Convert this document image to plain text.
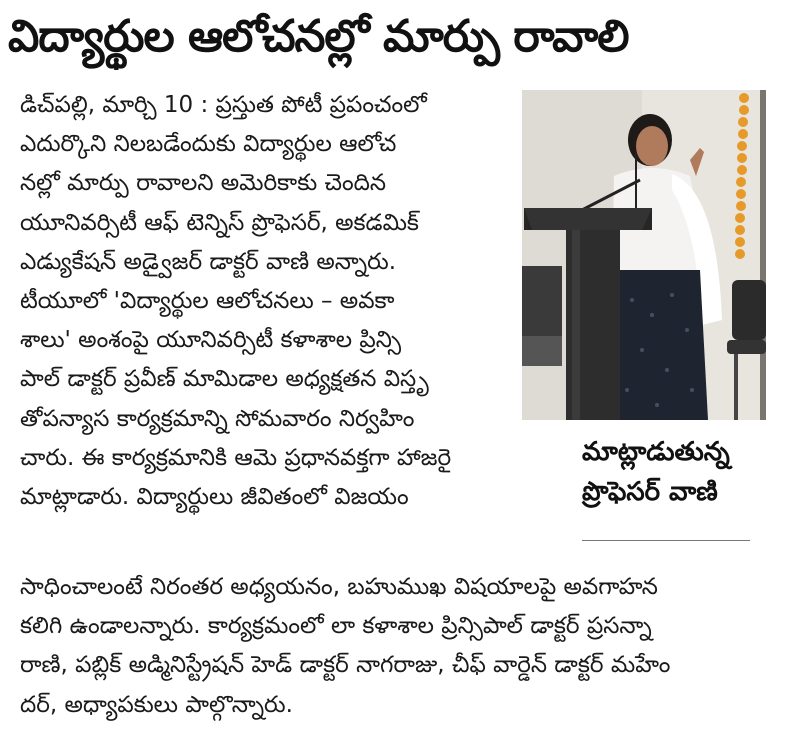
విద్యార్థుల ఆలోచనల్లో మార్పు రావాలి
డిచ్‌పల్లి, మార్చి 10 : ప్రస్తుత పోటీ ప్రపంచంలో
ఎదుర్కొని నిలబడేందుకు విద్యార్థుల ఆలోచ
నల్లో మార్పు రావాలని అమెరికాకు చెందిన
యూనివర్సిటీ ఆఫ్ టెన్నిస్ ప్రొఫెసర్, అకడమిక్
ఎడ్యుకేషన్ అడ్వైజర్ డాక్టర్ వాణి అన్నారు.
టీయూలో 'విద్యార్థుల ఆలోచనలు – అవకా
శాలు' అంశంపై యూనివర్సిటీ కళాశాల ప్రిన్సి
పాల్ డాక్టర్ ప్రవీణ్ మామిడాల అధ్యక్షతన విస్తృ
తోపన్యాస కార్యక్రమాన్ని సోమవారం నిర్వహిం
చారు. ఈ కార్యక్రమానికి ఆమె ప్రధానవక్తగా హాజరై
మాట్లాడారు. విద్యార్థులు జీవితంలో విజయం
మాట్లాడుతున్న
ప్రొఫెసర్ వాణి
సాధించాలంటే నిరంతర అధ్యయనం, బహుముఖ విషయాలపై అవగాహన
కలిగి ఉండాలన్నారు. కార్యక్రమంలో లా కళాశాల ప్రిన్సిపాల్ డాక్టర్ ప్రసన్నా
రాణి, పబ్లిక్ అడ్మినిస్ట్రేషన్ హెడ్ డాక్టర్ నాగరాజు, చీఫ్ వార్డెన్ డాక్టర్ మహేం
దర్, అధ్యాపకులు పాల్గొన్నారు.
